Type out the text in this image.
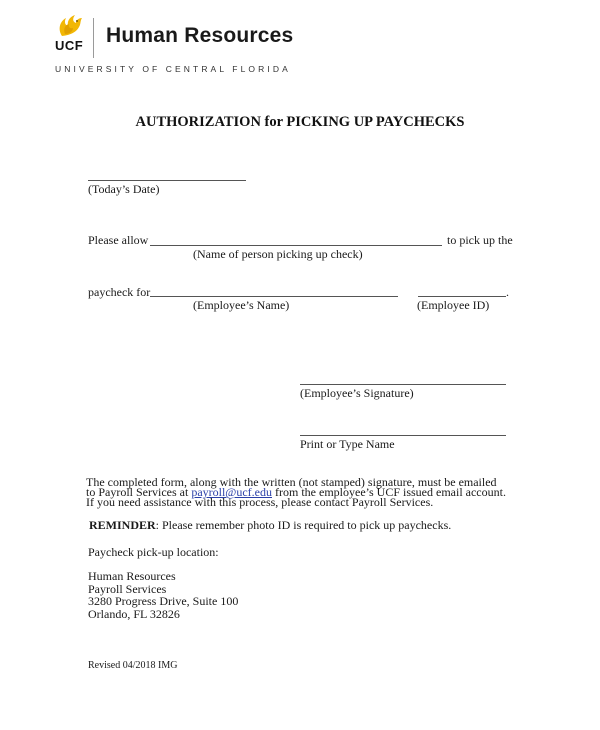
UCF Human Resources
UNIVERSITY OF CENTRAL FLORIDA
AUTHORIZATION for PICKING UP PAYCHECKS
(Today’s Date)
Please allow	to pick up the
(Name of person picking up check)
paycheck for	.
(Employee’s Name)	(Employee ID)
(Employee’s Signature)
Print or Type Name
The completed form, along with the written (not stamped) signature, must be emailed to Payroll Services at payroll@ucf.edu from the employee’s UCF issued email account. If you need assistance with this process, please contact Payroll Services.
REMINDER: Please remember photo ID is required to pick up paychecks.
Paycheck pick-up location:
Human Resources
Payroll Services
3280 Progress Drive, Suite 100
Orlando, FL 32826
Revised 04/2018 IMG
